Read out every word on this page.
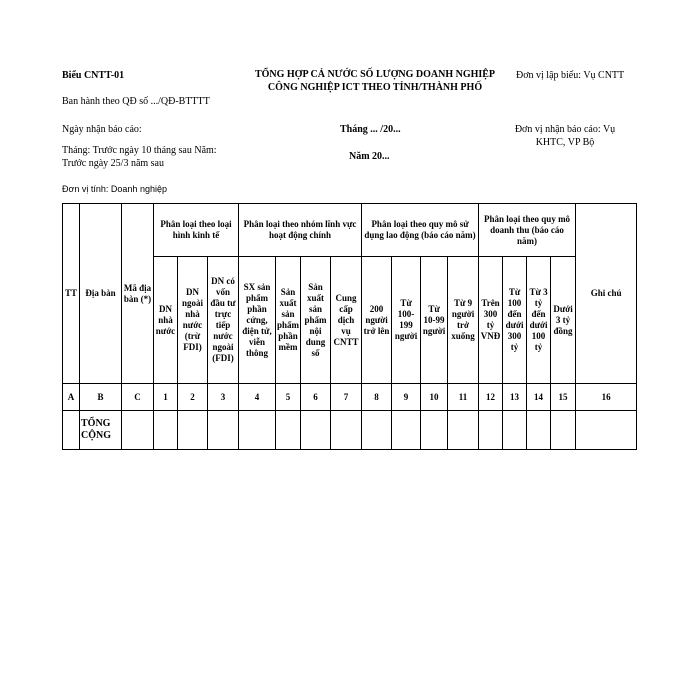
Biểu CNTT-01	TỔNG HỢP CẢ NƯỚC SỐ LƯỢNG DOANH NGHIỆP
CÔNG NGHIỆP ICT THEO TỈNH/THÀNH PHỐ
Đơn vị lập biểu: Vụ CNTT
Ban hành theo QĐ số .../QĐ-BTTTT
Ngày nhận báo cáo:	Tháng ... /20...	Đơn vị nhận báo cáo: Vụ
KHTC, VP Bộ
Tháng: Trước ngày 10 tháng sau Năm:
Trước ngày 25/3 năm sau
Năm 20...
Đơn vị tính: Doanh nghiệp
TT	Địa bàn	Mã địa bàn (*)	Phân loại theo loại hình kinh tế			Phân loại theo nhóm lĩnh vực hoạt động chính				Phân loại theo quy mô sử dụng lao động (báo cáo năm)				Phân loại theo quy mô doanh thu (báo cáo năm)				Ghi chú
			DN nhà nước	DN ngoài nhà nước (trừ FDI)	DN có vốn đầu tư trực tiếp nước ngoài (FDI)	SX sản phẩm phần cứng, điện tử, viễn thông	Sản xuất sản phẩm phần mềm	Sản xuất sản phẩm nội dung số	Cung cấp dịch vụ CNTT	200 người trở lên	Từ 100-199 người	Từ 10-99 người	Từ 9 người trở xuống	Trên 300 tỷ VNĐ	Từ 100 đến dưới 300 tỷ	Từ 3 tỷ đến dưới 100 tỷ	Dưới 3 tỷ đồng	
A	B	C	1	2	3	4	5	6	7	8	9	10	11	12	13	14	15	16
	TỔNG CỘNG																	
